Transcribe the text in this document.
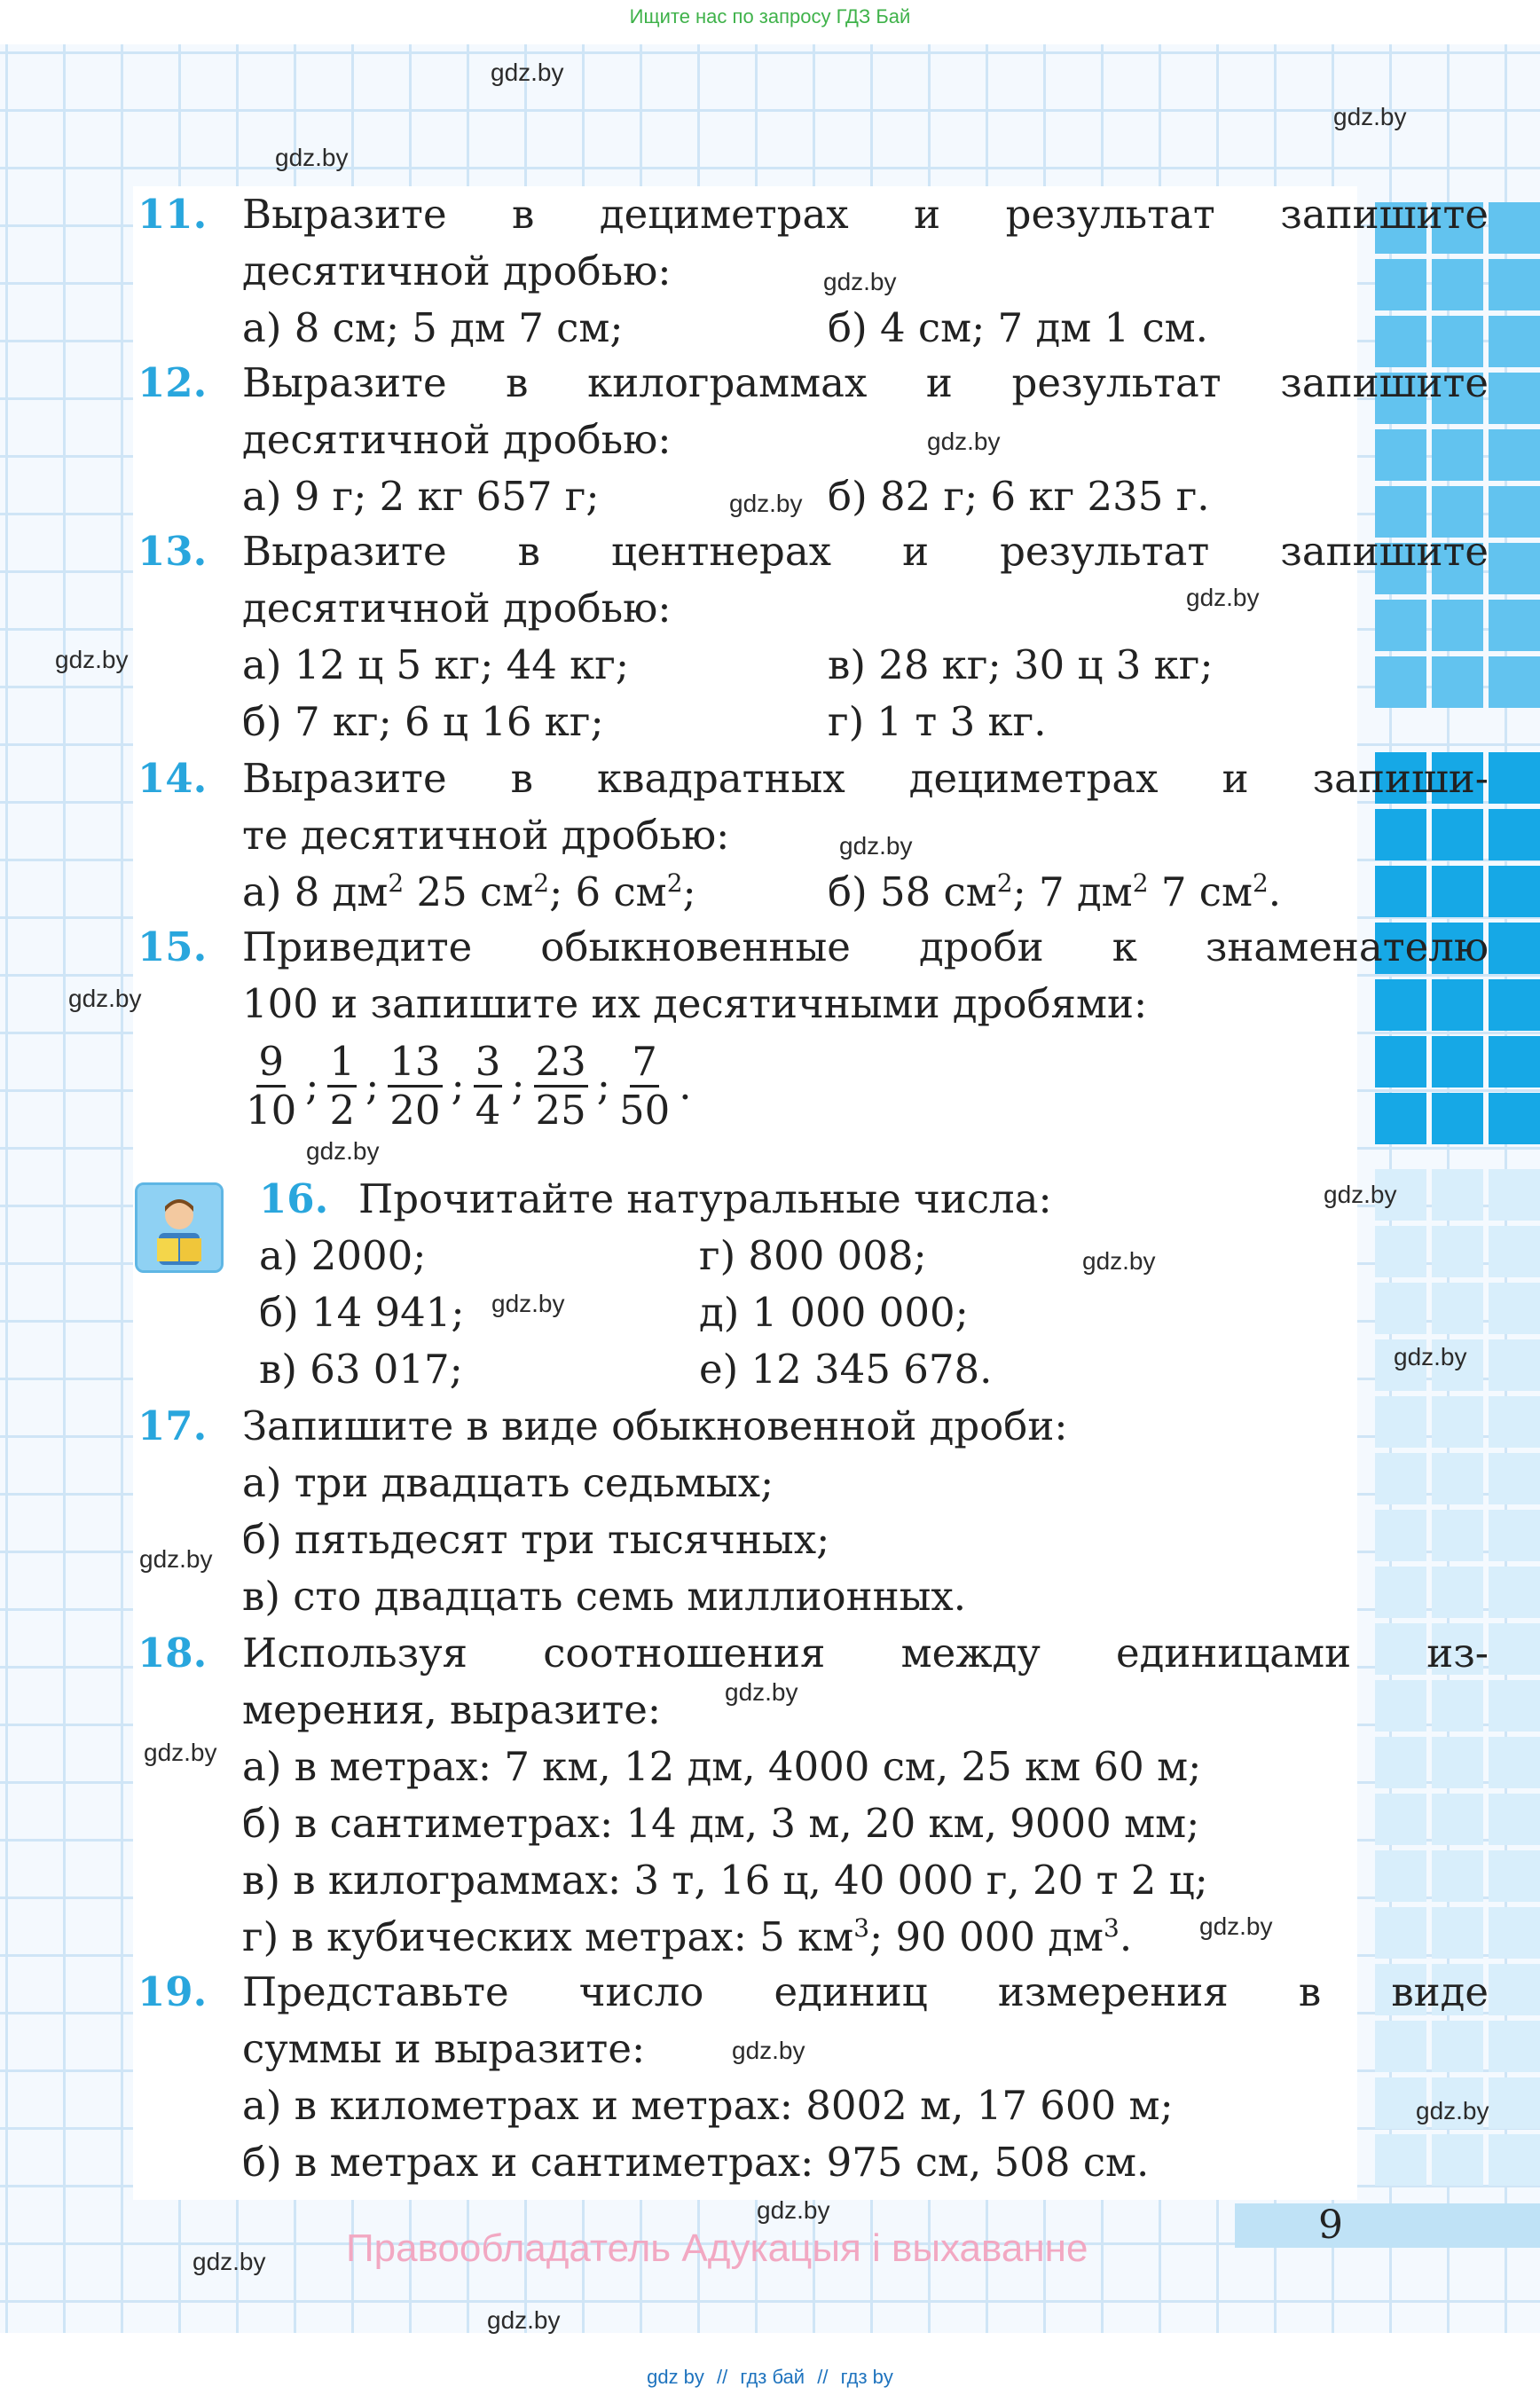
Ищите нас по запросу ГДЗ Бай
11. Выразите в дециметрах и результат запишите
десятичной дробью:
а) 8 см; 5 дм 7 см;	б) 4 см; 7 дм 1 см.
12. Выразите в килограммах и результат запишите
десятичной дробью:
а) 9 г; 2 кг 657 г;	б) 82 г; 6 кг 235 г.
13. Выразите в центнерах и результат запишите
десятичной дробью:
а) 12 ц 5 кг; 44 кг;	в) 28 кг; 30 ц 3 кг;
б) 7 кг; 6 ц 16 кг;	г) 1 т 3 кг.
14. Выразите в квадратных дециметрах и запиши-
те десятичной дробью:
а) 8 $дм^2$ 25 $см^2$; 6 $см^2$;	б) 58 $см^2$; 7 $дм^2$ 7 $см^2$.
15. Приведите обыкновенные дроби к знаменателю
100 и запишите их десятичными дробями:
$\frac{9}{10}$ ; $\frac{1}{2}$ ; $\frac{13}{20}$ ; $\frac{3}{4}$ ; $\frac{23}{25}$ ; $\frac{7}{50}$ .
16. Прочитайте натуральные числа:
а) 2000;	г) 800 008;
б) 14 941;	д) 1 000 000;
в) 63 017;	е) 12 345 678.
17. Запишите в виде обыкновенной дроби:
а) три двадцать седьмых;
б) пятьдесят три тысячных;
в) сто двадцать семь миллионных.
18. Используя соотношения между единицами из-
мерения, выразите:
а) в метрах: 7 км, 12 дм, 4000 см, 25 км 60 м;
б) в сантиметрах: 14 дм, 3 м, 20 км, 9000 мм;
в) в килограммах: 3 т, 16 ц, 40 000 г, 20 т 2 ц;
г) в кубических метрах: 5 $км^3$; 90 000 $дм^3$.
19. Представьте число единиц измерения в виде
суммы и выразите:
а) в километрах и метрах: 8002 м, 17 600 м;
б) в метрах и сантиметрах: 975 см, 508 см.
9
Правообладатель Адукацыя і выхаванне
gdz.by
gdz.by
gdz.by
gdz.by
gdz.by
gdz.by
gdz.by
gdz.by
gdz.by
gdz.by
gdz.by
gdz.by
gdz.by
gdz.by
gdz.by
gdz.by
gdz.by
gdz.by
gdz.by
gdz.by
gdz.by
gdz.by
gdz.by
gdz.by
gdz by // гдз бай // гдз by
